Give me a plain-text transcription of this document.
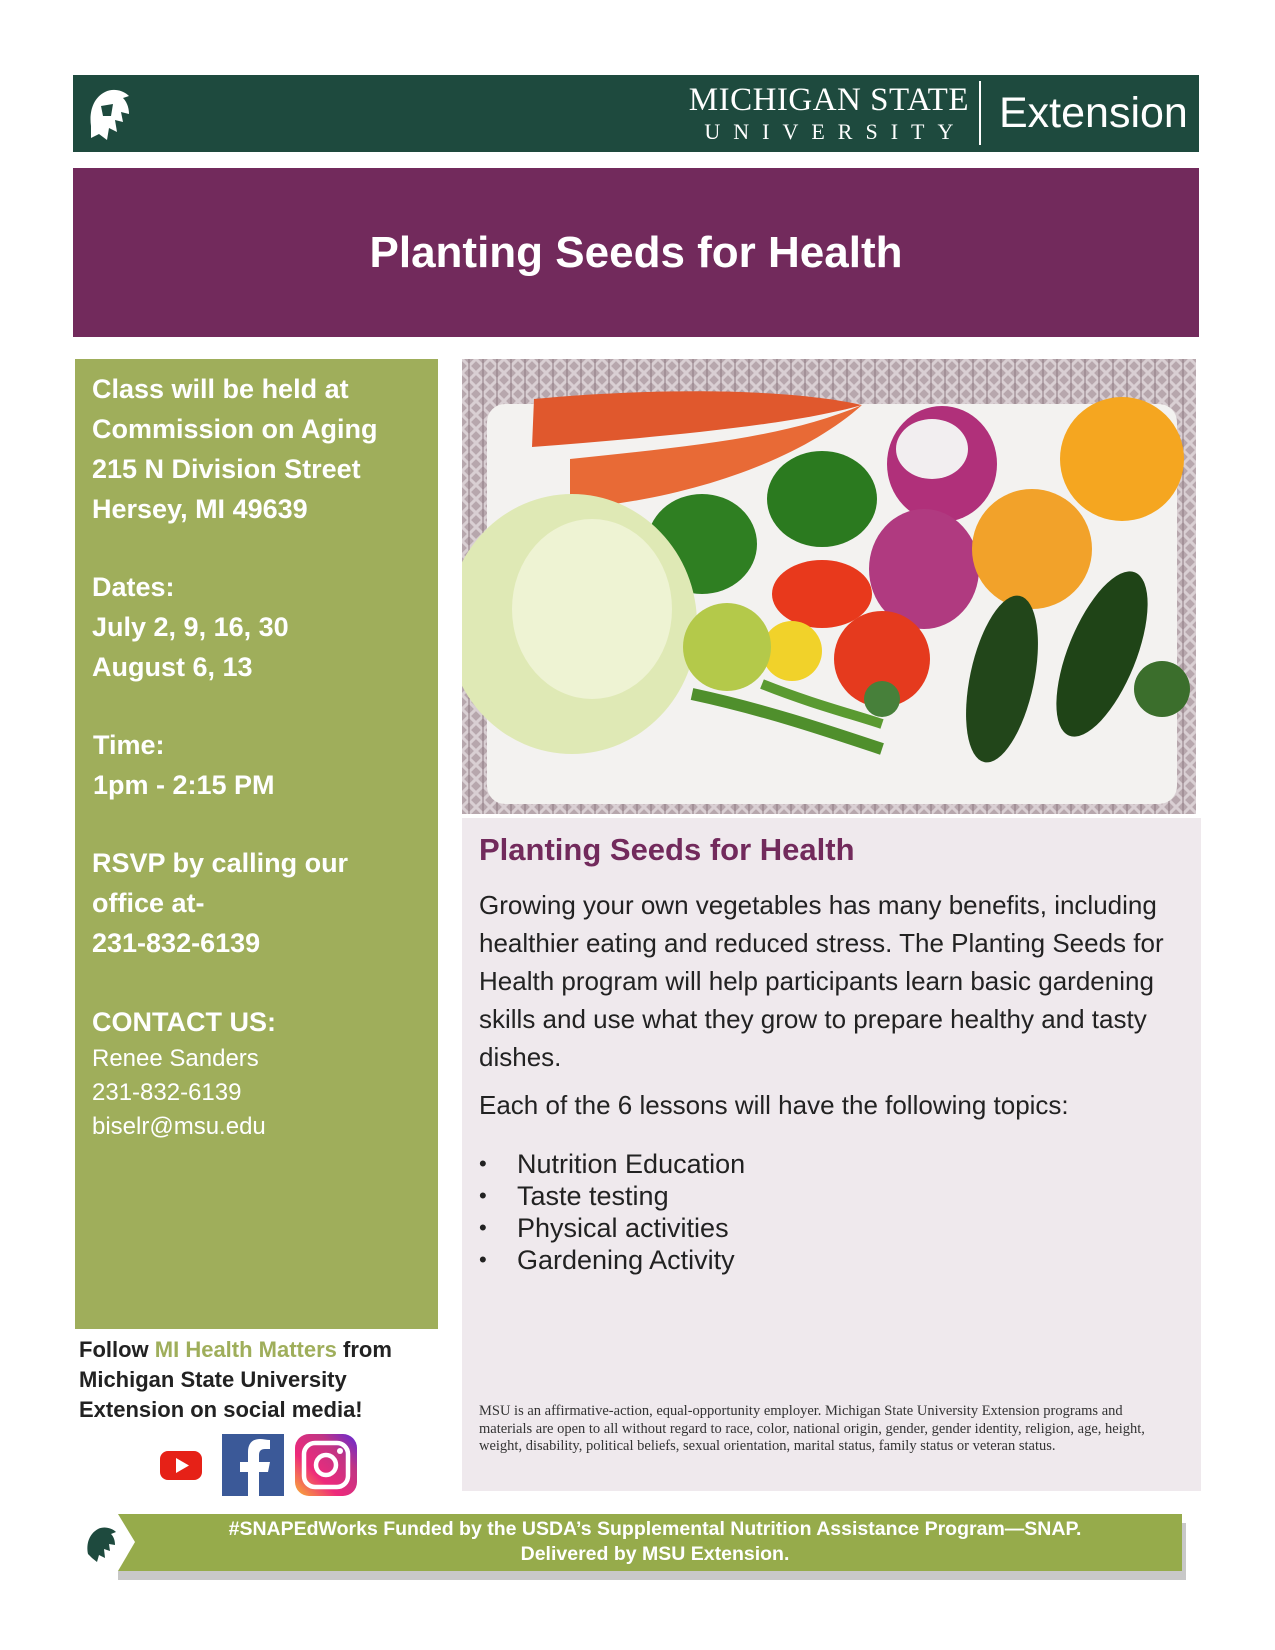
MICHIGAN STATE
UNIVERSITY Extension
Planting Seeds for Health
Class will be held at
Commission on Aging
215 N Division Street
Hersey, MI 49639
Dates:
July 2, 9, 16, 30
August 6, 13
Time:
1pm - 2:15 PM
RSVP by calling our
office at-
231-832-6139
CONTACT US:
Renee Sanders
231-832-6139
biselr@msu.edu
Follow MI Health Matters from
Michigan State University
Extension on social media!
Planting Seeds for Health

Growing your own vegetables has many benefits, including healthier eating and reduced stress. The Planting Seeds for Health program will help participants learn basic gardening skills and use what they grow to prepare healthy and tasty dishes.

Each of the 6 lessons will have the following topics:

• Nutrition Education
• Taste testing
• Physical activities
• Gardening Activity
MSU is an affirmative-action, equal-opportunity employer. Michigan State University Extension programs and materials are open to all without regard to race, color, national origin, gender, gender identity, religion, age, height, weight, disability, political beliefs, sexual orientation, marital status, family status or veteran status.
#SNAPEdWorks Funded by the USDA’s Supplemental Nutrition Assistance Program—SNAP.
Delivered by MSU Extension.
